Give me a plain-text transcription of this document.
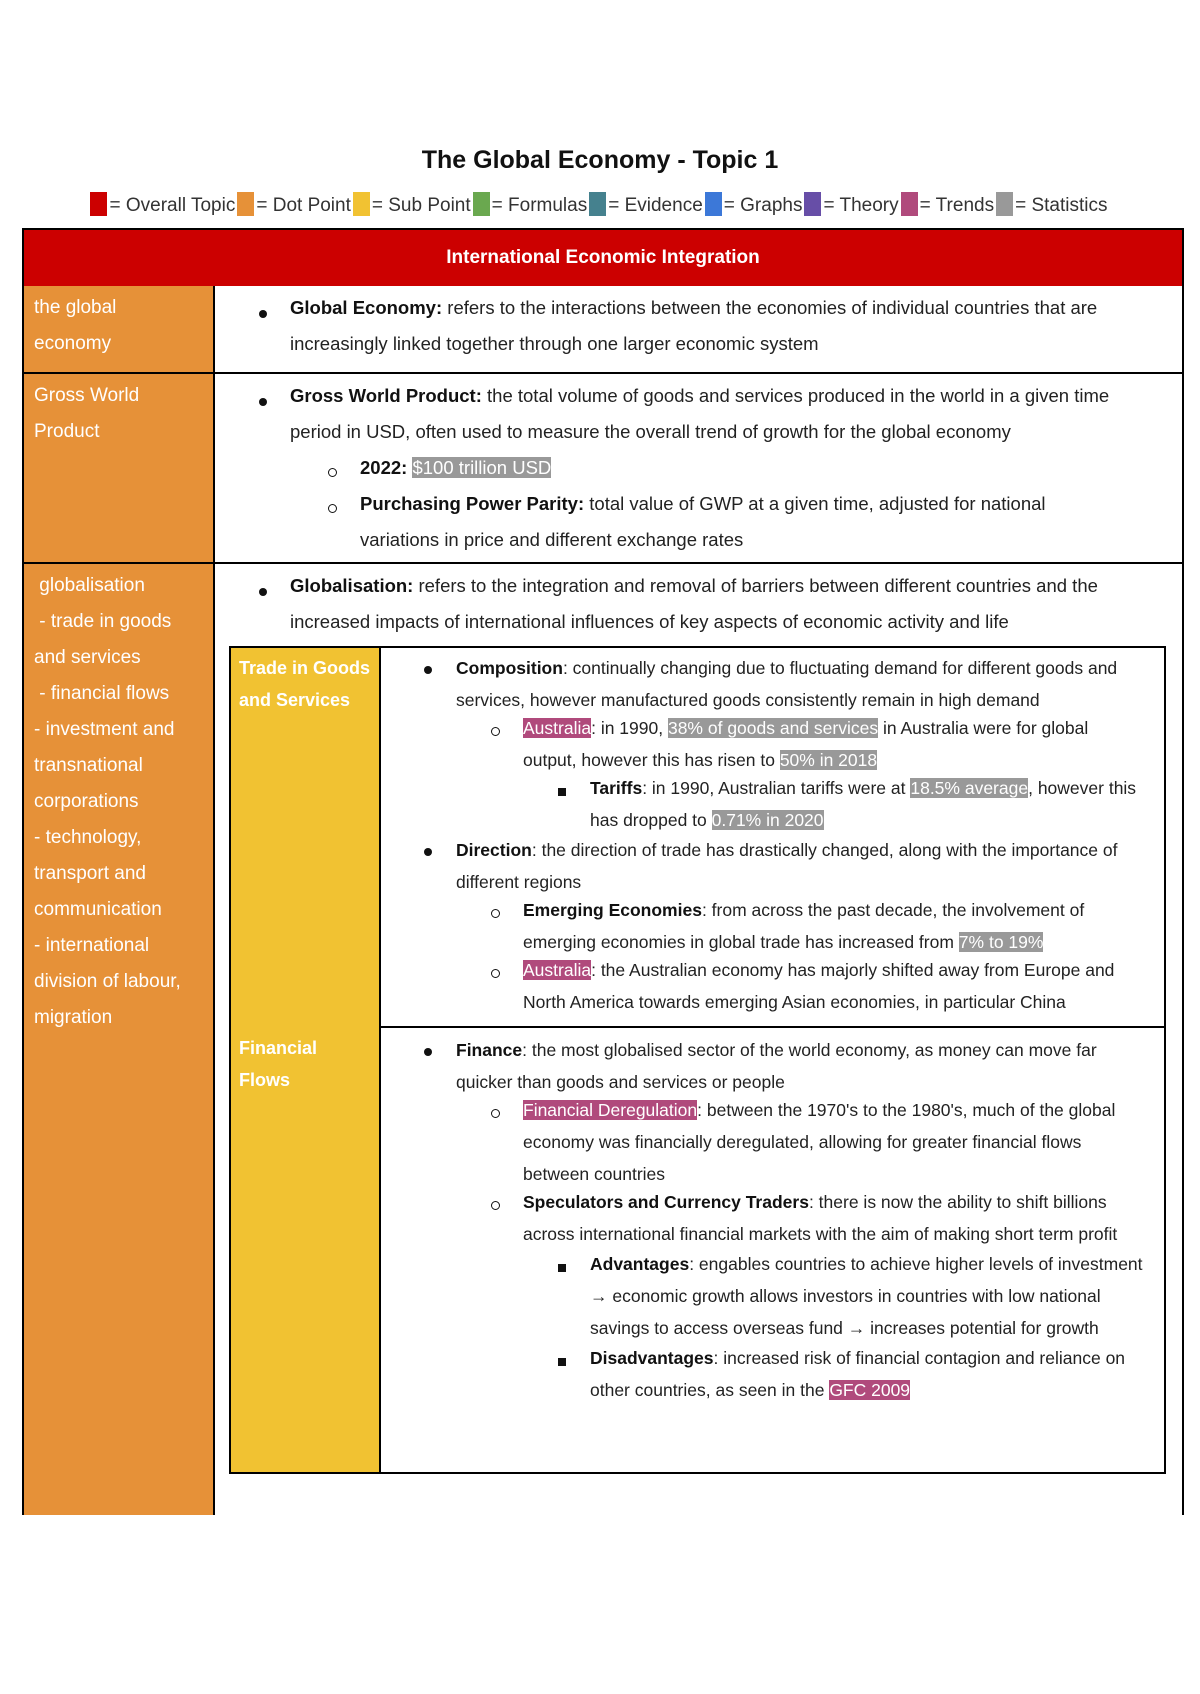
The Global Economy - Topic 1
= Overall Topic = Dot Point = Sub Point = Formulas = Evidence = Graphs = Theory = Trends = Statistics
International Economic Integration
the global
economy
Global Economy: refers to the interactions between the economies of individual countries that are
increasingly linked together through one larger economic system
Gross World
Product
Gross World Product: the total volume of goods and services produced in the world in a given time
period in USD, often used to measure the overall trend of growth for the global economy
2022: $100 trillion USD
Purchasing Power Parity: total value of GWP at a given time, adjusted for national
variations in price and different exchange rates
globalisation
- trade in goods
and services
- financial flows
- investment and
transnational
corporations
- technology,
transport and
communication
- international
division of labour,
migration
Globalisation: refers to the integration and removal of barriers between different countries and the
increased impacts of international influences of key aspects of economic activity and life
Trade in Goods
and Services
Composition: continually changing due to fluctuating demand for different goods and
services, however manufactured goods consistently remain in high demand
Australia: in 1990, 38% of goods and services in Australia were for global
output, however this has risen to 50% in 2018
Tariffs: in 1990, Australian tariffs were at 18.5% average, however this
has dropped to 0.71% in 2020
Direction: the direction of trade has drastically changed, along with the importance of
different regions
Emerging Economies: from across the past decade, the involvement of
emerging economies in global trade has increased from 7% to 19%
Australia: the Australian economy has majorly shifted away from Europe and
North America towards emerging Asian economies, in particular China
Financial Flows
Finance: the most globalised sector of the world economy, as money can move far
quicker than goods and services or people
Financial Deregulation: between the 1970's to the 1980's, much of the global
economy was financially deregulated, allowing for greater financial flows
between countries
Speculators and Currency Traders: there is now the ability to shift billions
across international financial markets with the aim of making short term profit
Advantages: engables countries to achieve higher levels of investment
→ economic growth allows investors in countries with low national
savings to access overseas fund → increases potential for growth
Disadvantages: increased risk of financial contagion and reliance on
other countries, as seen in the GFC 2009
